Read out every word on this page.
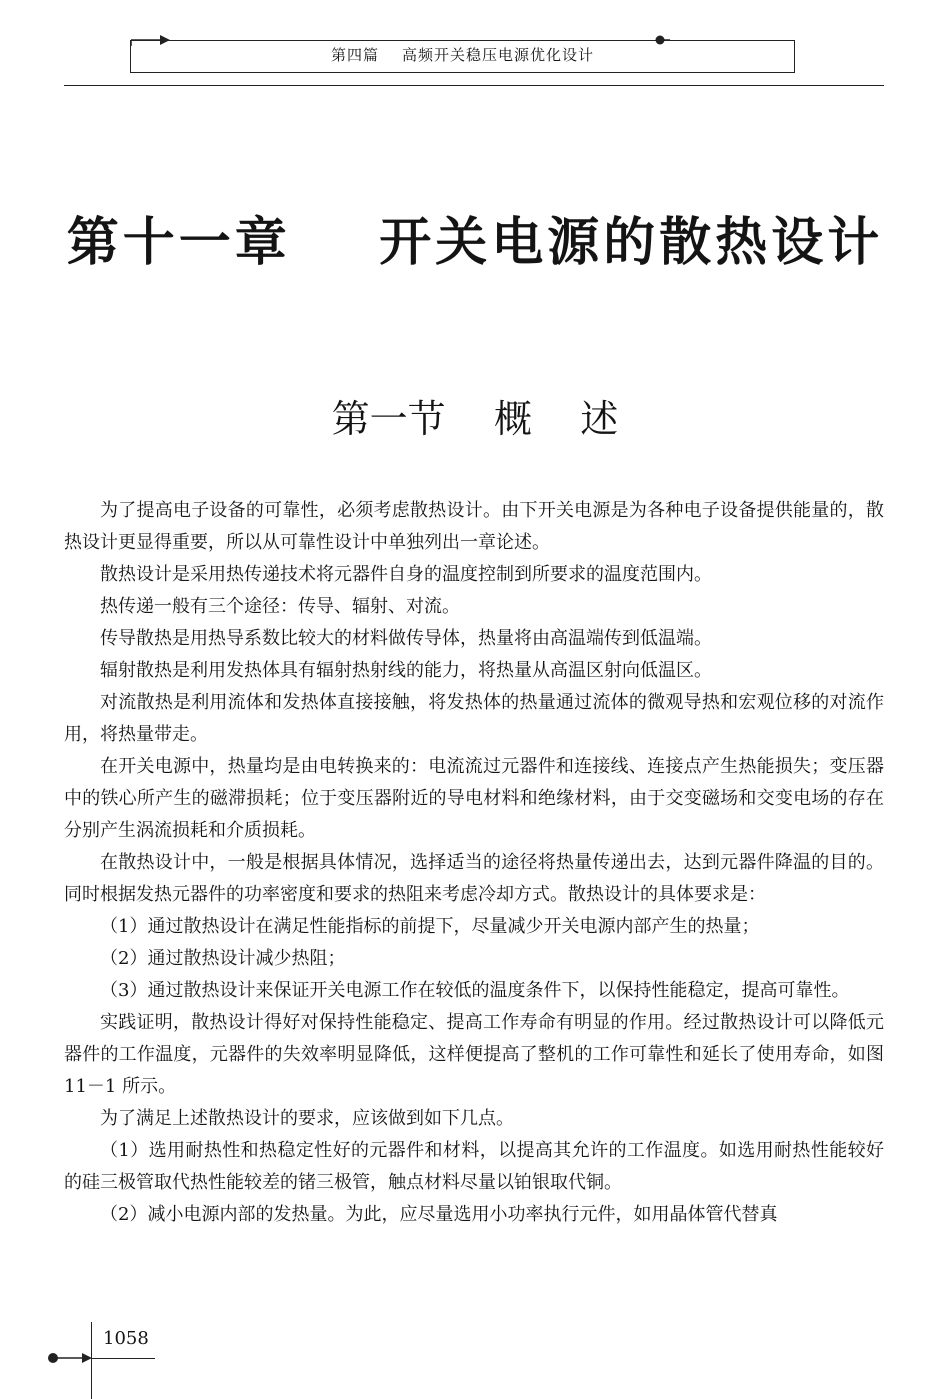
第四篇    高频开关稳压电源优化设计
第十一章    开关电源的散热设计
第一节    概    述

为了提高电子设备的可靠性，必须考虑散热设计。由下开关电源是为各种电子设备提供能量的，散热设计更显得重要，所以从可靠性设计中单独列出一章论述。

散热设计是采用热传递技术将元器件自身的温度控制到所要求的温度范围内。

热传递一般有三个途径：传导、辐射、对流。

传导散热是用热导系数比较大的材料做传导体，热量将由高温端传到低温端。

辐射散热是利用发热体具有辐射热射线的能力，将热量从高温区射向低温区。

对流散热是利用流体和发热体直接接触，将发热体的热量通过流体的微观导热和宏观位移的对流作用，将热量带走。

在开关电源中，热量均是由电转换来的：电流流过元器件和连接线、连接点产生热能损失；变压器中的铁心所产生的磁滞损耗；位于变压器附近的导电材料和绝缘材料，由于交变磁场和交变电场的存在分别产生涡流损耗和介质损耗。

在散热设计中，一般是根据具体情况，选择适当的途径将热量传递出去，达到元器件降温的目的。同时根据发热元器件的功率密度和要求的热阻来考虑冷却方式。散热设计的具体要求是：

（1）通过散热设计在满足性能指标的前提下，尽量减少开关电源内部产生的热量；

（2）通过散热设计减少热阻；

（3）通过散热设计来保证开关电源工作在较低的温度条件下，以保持性能稳定，提高可靠性。

实践证明，散热设计得好对保持性能稳定、提高工作寿命有明显的作用。经过散热设计可以降低元器件的工作温度，元器件的失效率明显降低，这样便提高了整机的工作可靠性和延长了使用寿命，如图 11－1 所示。

为了满足上述散热设计的要求，应该做到如下几点。

（1）选用耐热性和热稳定性好的元器件和材料，以提高其允许的工作温度。如选用耐热性能较好的硅三极管取代热性能较差的锗三极管，触点材料尽量以铂银取代铜。

（2）减小电源内部的发热量。为此，应尽量选用小功率执行元件，如用晶体管代替真

1058
